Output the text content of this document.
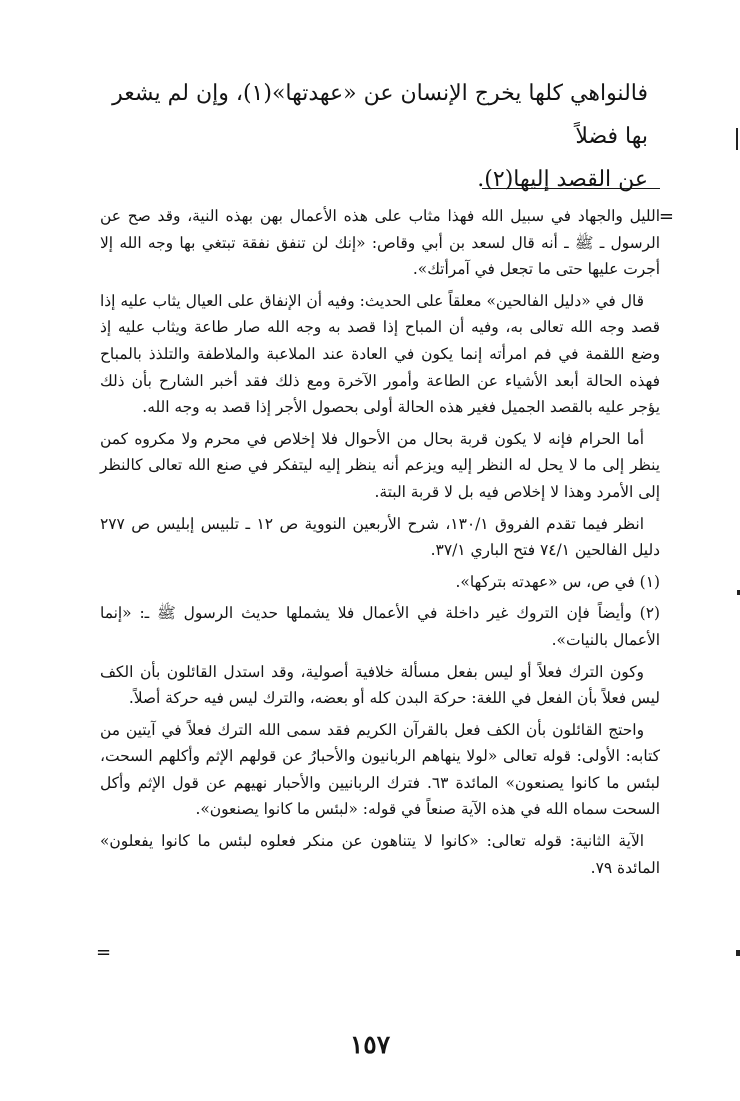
فالنواهي كلها يخرج الإنسان عن «عهدتها»(١)، وإن لم يشعر بها فضلاً
عن القصد إليها(٢).
=

الليل والجهاد في سبيل الله فهذا مثاب على هذه الأعمال بهن بهذه النية، وقد صح عن الرسول ـ ﷺ ـ أنه قال لسعد بن أبي وقاص: «إنك لن تنفق نفقة تبتغي بها وجه الله إلا أجرت عليها حتى ما تجعل في آمرأتك».

قال في «دليل الفالحين» معلقاً على الحديث: وفيه أن الإنفاق على العيال يثاب عليه إذا قصد وجه الله تعالى به، وفيه أن المباح إذا قصد به وجه الله صار طاعة ويثاب عليه إذ وضع اللقمة في فم امرأته إنما يكون في العادة عند الملاعبة والملاطفة والتلذذ بالمباح فهذه الحالة أبعد الأشياء عن الطاعة وأمور الآخرة ومع ذلك فقد أخبر الشارح بأن ذلك يؤجر عليه بالقصد الجميل فغير هذه الحالة أولى بحصول الأجر إذا قصد به وجه الله.

أما الحرام فإنه لا يكون قربة بحال من الأحوال فلا إخلاص في محرم ولا مكروه كمن ينظر إلى ما لا يحل له النظر إليه ويزعم أنه ينظر إليه ليتفكر في صنع الله تعالى كالنظر إلى الأمرد وهذا لا إخلاص فيه بل لا قربة البتة.

انظر فيما تقدم الفروق ١٣٠/١، شرح الأربعين النووية ص ١٢ ـ تلبيس إبليس ص ٢٧٧ دليل الفالحين ٧٤/١ فتح الباري ٣٧/١.

(١) في ص، س «عهدته بتركها».

(٢) وأيضاً فإن التروك غير داخلة في الأعمال فلا يشملها حديث الرسول ﷺ ـ: «إنما الأعمال بالنيات».

وكون الترك فعلاً أو ليس بفعل مسألة خلافية أصولية، وقد استدل القائلون بأن الكف ليس فعلاً بأن الفعل في اللغة: حركة البدن كله أو بعضه، والترك ليس فيه حركة أصلاً.

واحتج القائلون بأن الكف فعل بالقرآن الكريم فقد سمى الله الترك فعلاً في آيتين من كتابه: الأولى: قوله تعالى «لولا ينهاهم الربانيون والأحبارُ عن قولهم الإثم وأكلهم السحت، لبئس ما كانوا يصنعون» المائدة ٦٣. فترك الربانيين والأحبار نهيهم عن قول الإثم وأكل السحت سماه الله في هذه الآية صنعاً في قوله: «لبئس ما كانوا يصنعون».

الآية الثانية: قوله تعالى: «كانوا لا يتناهون عن منكر فعلوه لبئس ما كانوا يفعلون» المائدة ٧٩.

=
١٥٧
